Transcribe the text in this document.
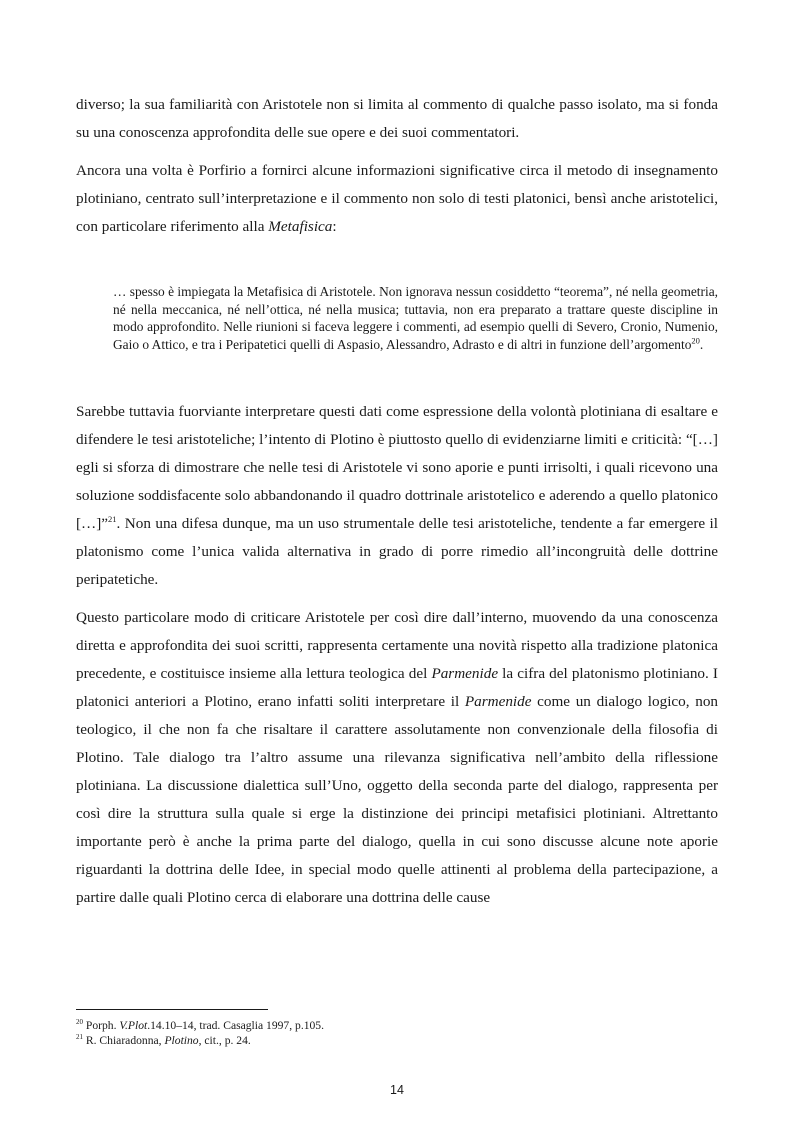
diverso; la sua familiarità con Aristotele non si limita al commento di qualche passo isolato, ma si fonda su una conoscenza approfondita delle sue opere e dei suoi commentatori.

Ancora una volta è Porfirio a fornirci alcune informazioni significative circa il metodo di insegnamento plotiniano, centrato sull’interpretazione e il commento non solo di testi platonici, bensì anche aristotelici, con particolare riferimento alla Metafisica:

… spesso è impiegata la Metafisica di Aristotele. Non ignorava nessun cosiddetto “teorema”, né nella geometria, né nella meccanica, né nell’ottica, né nella musica; tuttavia, non era preparato a trattare queste discipline in modo approfondito. Nelle riunioni si faceva leggere i commenti, ad esempio quelli di Severo, Cronio, Numenio, Gaio o Attico, e tra i Peripatetici quelli di Aspasio, Alessandro, Adrasto e di altri in funzione dell’argomento$^{20}$.

Sarebbe tuttavia fuorviante interpretare questi dati come espressione della volontà plotiniana di esaltare e difendere le tesi aristoteliche; l’intento di Plotino è piuttosto quello di evidenziarne limiti e criticità: “[…] egli si sforza di dimostrare che nelle tesi di Aristotele vi sono aporie e punti irrisolti, i quali ricevono una soluzione soddisfacente solo abbandonando il quadro dottrinale aristotelico e aderendo a quello platonico […]”$^{21}$. Non una difesa dunque, ma un uso strumentale delle tesi aristoteliche, tendente a far emergere il platonismo come l’unica valida alternativa in grado di porre rimedio all’incongruità delle dottrine peripatetiche.

Questo particolare modo di criticare Aristotele per così dire dall’interno, muovendo da una conoscenza diretta e approfondita dei suoi scritti, rappresenta certamente una novità rispetto alla tradizione platonica precedente, e costituisce insieme alla lettura teologica del Parmenide la cifra del platonismo plotiniano. I platonici anteriori a Plotino, erano infatti soliti interpretare il Parmenide come un dialogo logico, non teologico, il che non fa che risaltare il carattere assolutamente non convenzionale della filosofia di Plotino. Tale dialogo tra l’altro assume una rilevanza significativa nell’ambito della riflessione plotiniana. La discussione dialettica sull’Uno, oggetto della seconda parte del dialogo, rappresenta per così dire la struttura sulla quale si erge la distinzione dei principi metafisici plotiniani. Altrettanto importante però è anche la prima parte del dialogo, quella in cui sono discusse alcune note aporie riguardanti la dottrina delle Idee, in special modo quelle attinenti al problema della partecipazione, a partire dalle quali Plotino cerca di elaborare una dottrina delle cause

$^{20}$ Porph. V.Plot.14.10–14, trad. Casaglia 1997, p.105.

$^{21}$ R. Chiaradonna, Plotino, cit., p. 24.

14
